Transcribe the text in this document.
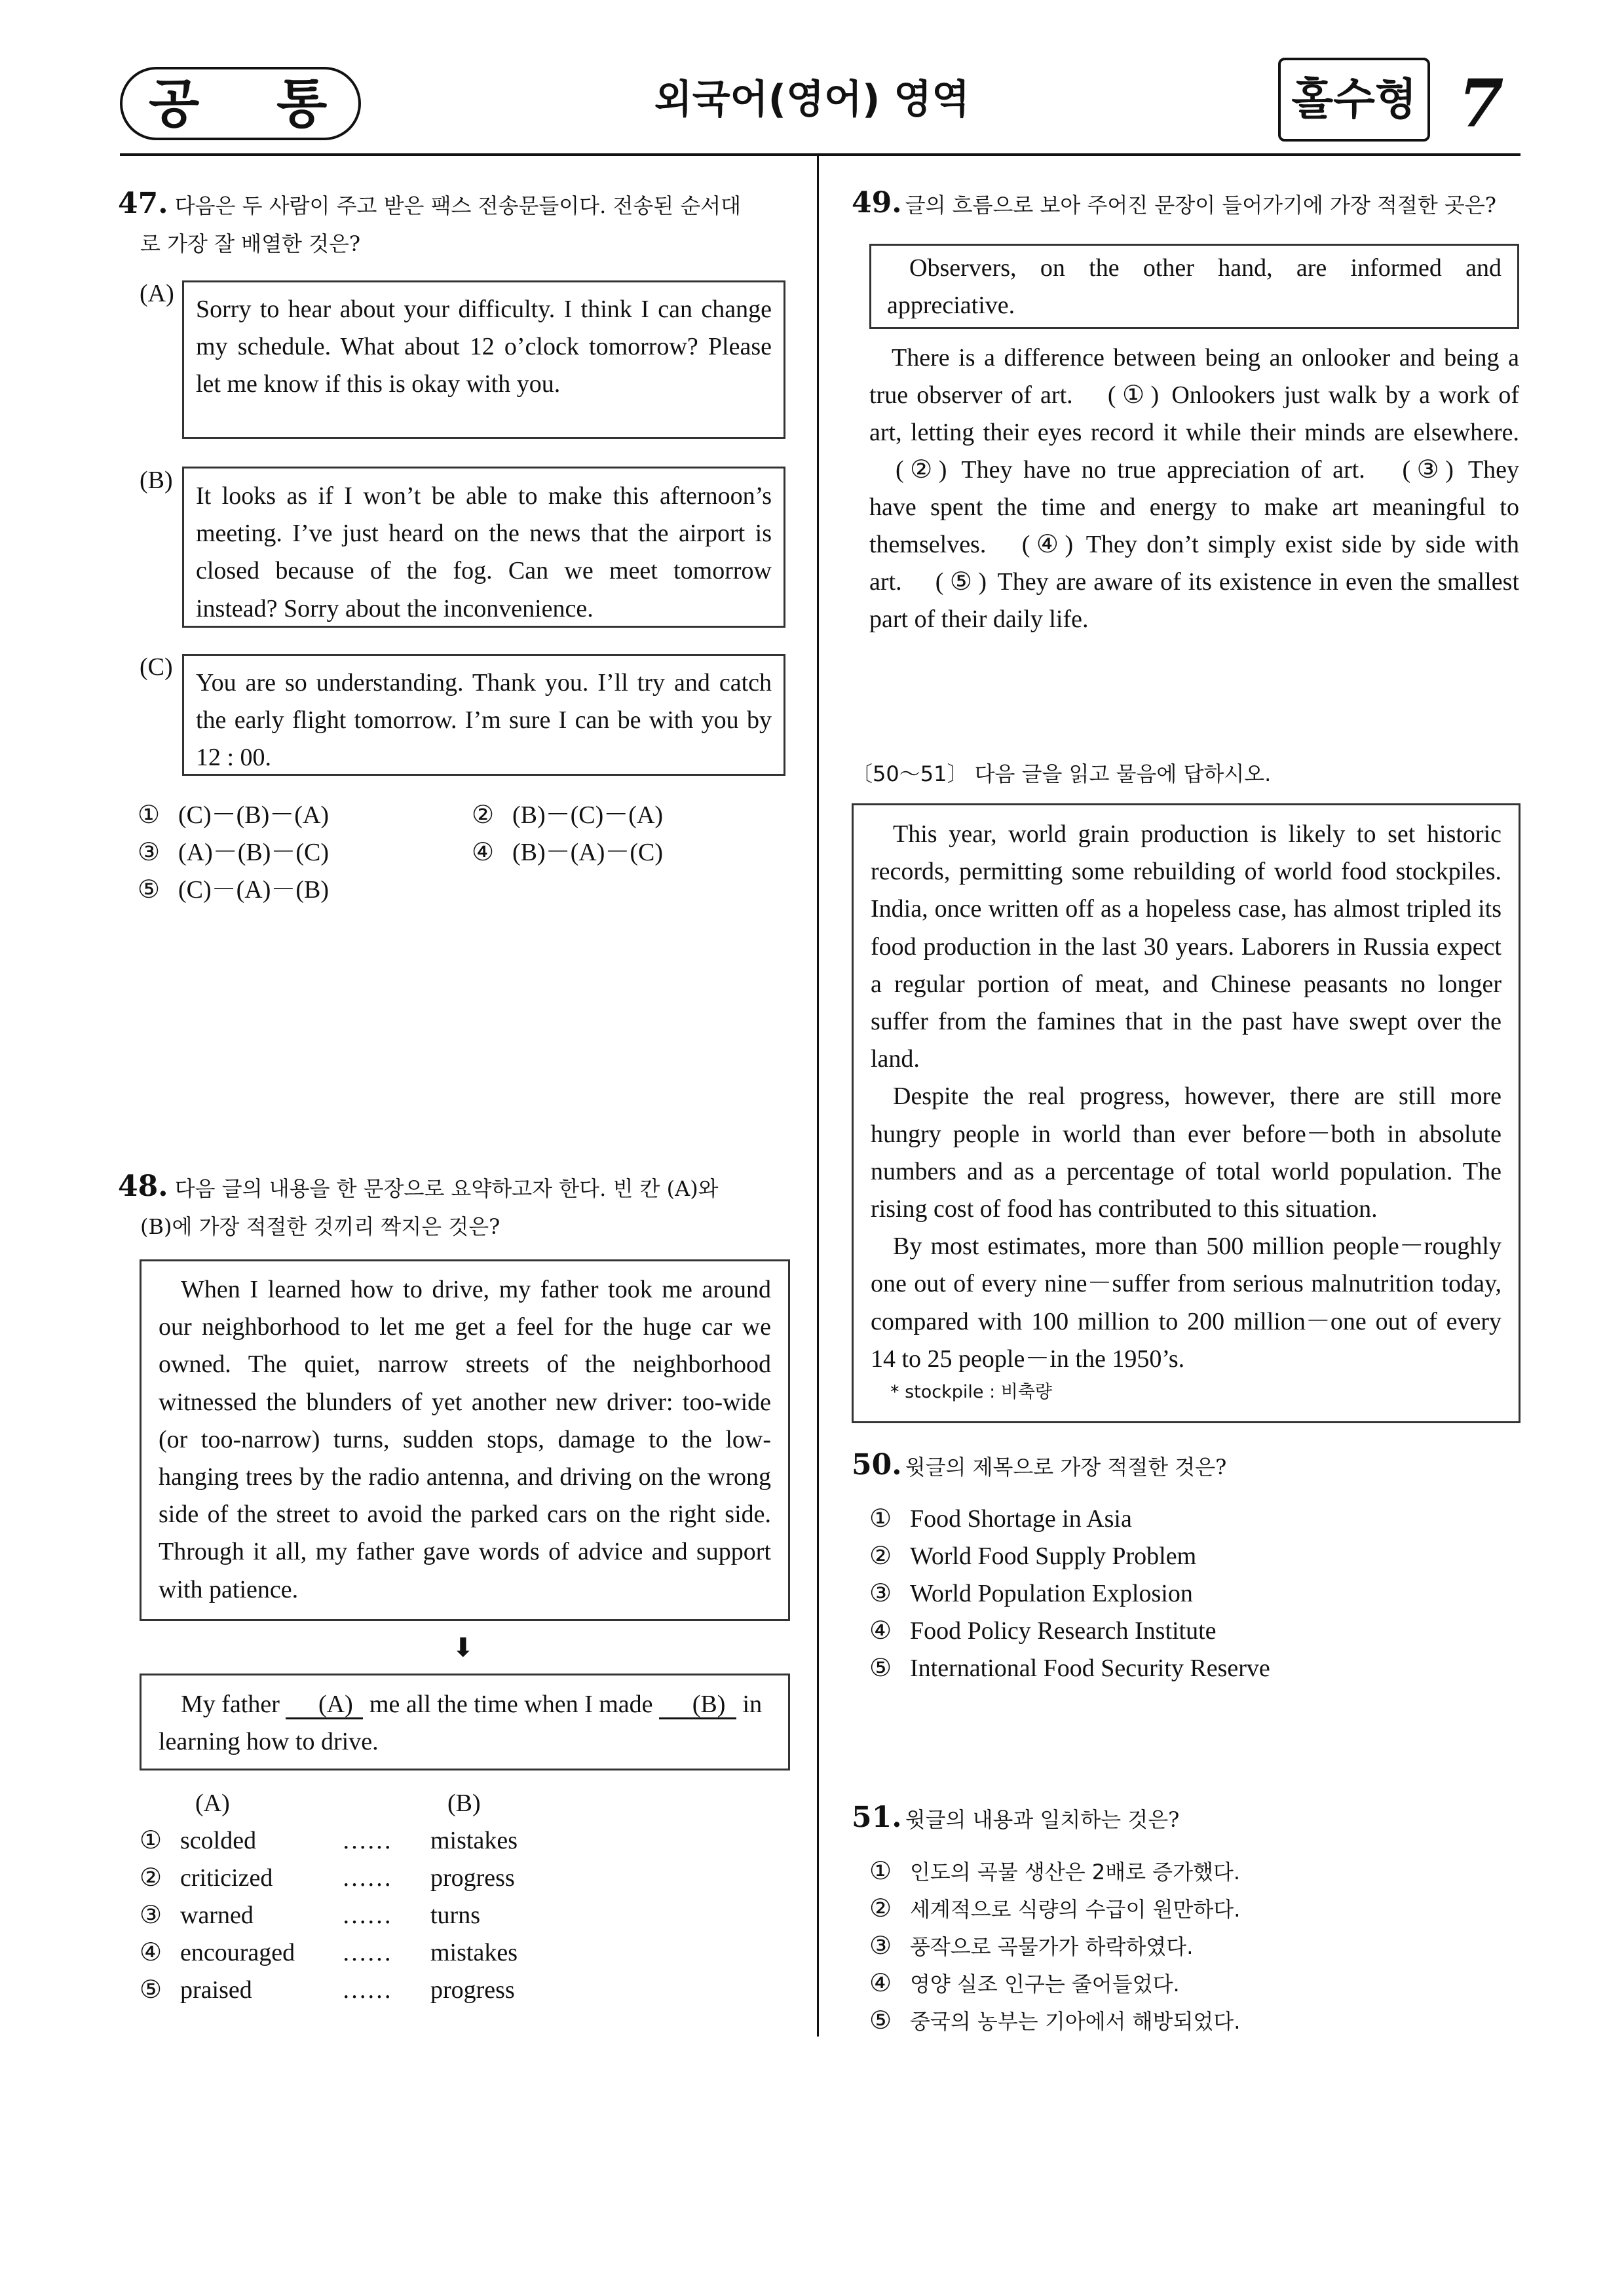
공 통	외국어(영어) 영역	홀수형 7
47. 다음은 두 사람이 주고 받은 팩스 전송문들이다. 전송된 순서대
로 가장 잘 배열한 것은?
(A)

Sorry to hear about your difficulty. I think I can change my schedule. What about 12 o’clock tomorrow? Please let me know if this is okay with you.

(B)

It looks as if I won’t be able to make this afternoon’s meeting. I’ve just heard on the news that the airport is closed because of the fog. Can we meet tomorrow instead? Sorry about the inconvenience.

(C)

You are so understanding. Thank you. I’ll try and catch the early flight tomorrow. I’m sure I can be with you by 12 : 00.

① (C)－(B)－(A)	② (B)－(C)－(A)
③ (A)－(B)－(C)	④ (B)－(A)－(C)
⑤ (C)－(A)－(B)
48. 다음 글의 내용을 한 문장으로 요약하고자 한다. 빈 칸 (A)와
(B)에 가장 적절한 것끼리 짝지은 것은?

When I learned how to drive, my father took me around our neighborhood to let me get a feel for the huge car we owned. The quiet, narrow streets of the neighborhood witnessed the blunders of yet another new driver: too-wide (or too-narrow) turns, sudden stops, damage to the low-hanging trees by the radio antenna, and driving on the wrong side of the street to avoid the parked cars on the right side. Through it all, my father gave words of advice and support with patience.

⬇

My father (A) me all the time when I made (B) in learning how to drive.

(A)	(B)
① scolded	…… mistakes
② criticized	…… progress
③ warned	…… turns
④ encouraged …… mistakes
⑤ praised	…… progress
49. 글의 흐름으로 보아 주어진 문장이 들어가기에 가장 적절한 곳은?

Observers, on the other hand, are informed and appreciative.

There is a difference between being an onlooker and being a true observer of art. ( ① ) Onlookers just walk by a work of art, letting their eyes record it while their minds are elsewhere. ( ② ) They have no true appreciation of art. ( ③ ) They have spent the time and energy to make art meaningful to themselves. ( ④ ) They don’t simply exist side by side with art. ( ⑤ ) They are aware of its existence in even the smallest part of their daily life.

〔50～51〕 다음 글을 읽고 물음에 답하시오.

This year, world grain production is likely to set historic records, permitting some rebuilding of world food stockpiles. India, once written off as a hopeless case, has almost tripled its food production in the last 30 years. Laborers in Russia expect a regular portion of meat, and Chinese peasants no longer suffer from the famines that in the past have swept over the land.

Despite the real progress, however, there are still more hungry people in world than ever before－both in absolute numbers and as a percentage of total world population. The rising cost of food has contributed to this situation.

By most estimates, more than 500 million people－roughly one out of every nine－suffer from serious malnutrition today, compared with 100 million to 200 million－one out of every 14 to 25 people－in the 1950’s.

* stockpile : 비축량

50. 윗글의 제목으로 가장 적절한 것은?
① Food Shortage in Asia
② World Food Supply Problem
③ World Population Explosion
④ Food Policy Research Institute
⑤ International Food Security Reserve
51. 윗글의 내용과 일치하는 것은?
① 인도의 곡물 생산은 2배로 증가했다.
② 세계적으로 식량의 수급이 원만하다.
③ 풍작으로 곡물가가 하락하였다.
④ 영양 실조 인구는 줄어들었다.
⑤ 중국의 농부는 기아에서 해방되었다.
